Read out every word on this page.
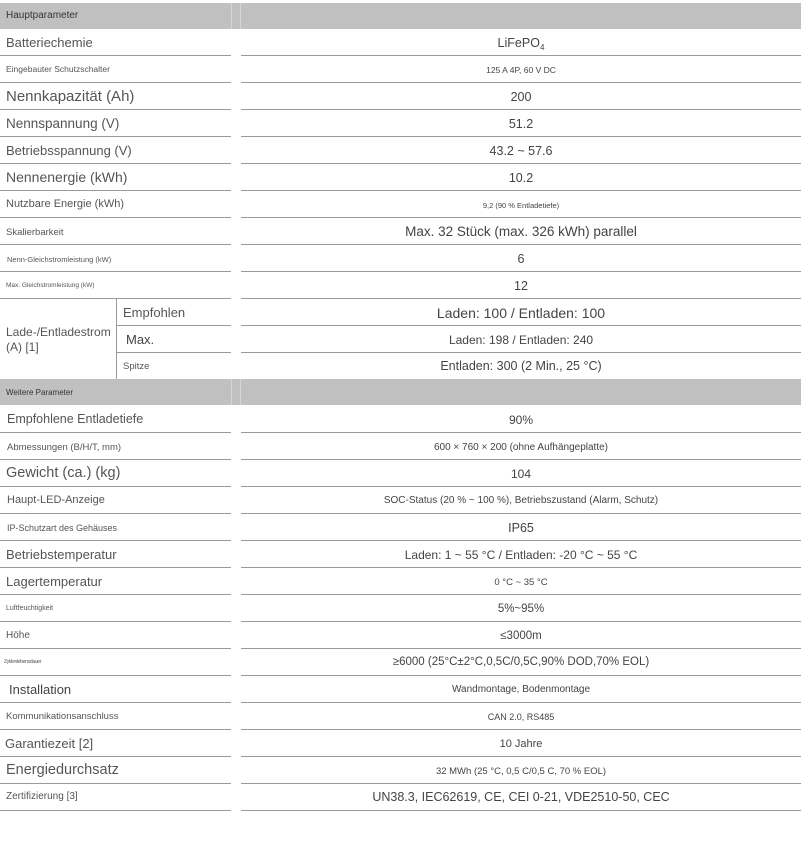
Hauptparameter
Batteriechemie	LiFePO$_4$
Eingebauter Schutzschalter	125 A 4P, 60 V DC
Nennkapazität (Ah)	200
Nennspannung (V)	51.2
Betriebsspannung (V)	43.2 ~ 57.6
Nennenergie (kWh)	10.2
Nutzbare Energie (kWh)	9,2 (90 % Entladetiefe)
Skalierbarkeit	Max. 32 Stück (max. 326 kWh) parallel
Nenn-Gleichstromleistung (kW)	6
Max. Gleichstromleistung (kW)	12
Lade-/Entladestrom
(A) [1]
Empfohlen	Laden: 100 / Entladen: 100
Max.	Laden: 198 / Entladen: 240
Spitze	Entladen: 300 (2 Min., 25 °C)
Weitere Parameter
Empfohlene Entladetiefe	90%
Abmessungen (B/H/T, mm)	600 × 760 × 200 (ohne Aufhängeplatte)
Gewicht (ca.) (kg)	104
Haupt-LED-Anzeige	SOC-Status (20 % ~ 100 %), Betriebszustand (Alarm, Schutz)
IP-Schutzart des Gehäuses	IP65
Betriebstemperatur	Laden: 1 ~ 55 °C / Entladen: -20 °C ~ 55 °C
Lagertemperatur	0 °C ~ 35 °C
Luftfeuchtigkeit	5%~95%
Höhe	≤3000m
Zyklenlebensdauer	≥6000 (25°C±2°C,0,5C/0,5C,90% DOD,70% EOL)
Installation	Wandmontage, Bodenmontage
Kommunikationsanschluss	CAN 2.0, RS485
Garantiezeit [2]	10 Jahre
Energiedurchsatz	32 MWh (25 °C, 0,5 C/0,5 C, 70 % EOL)
Zertifizierung [3]	UN38.3, IEC62619, CE, CEI 0-21, VDE2510-50, CEC
